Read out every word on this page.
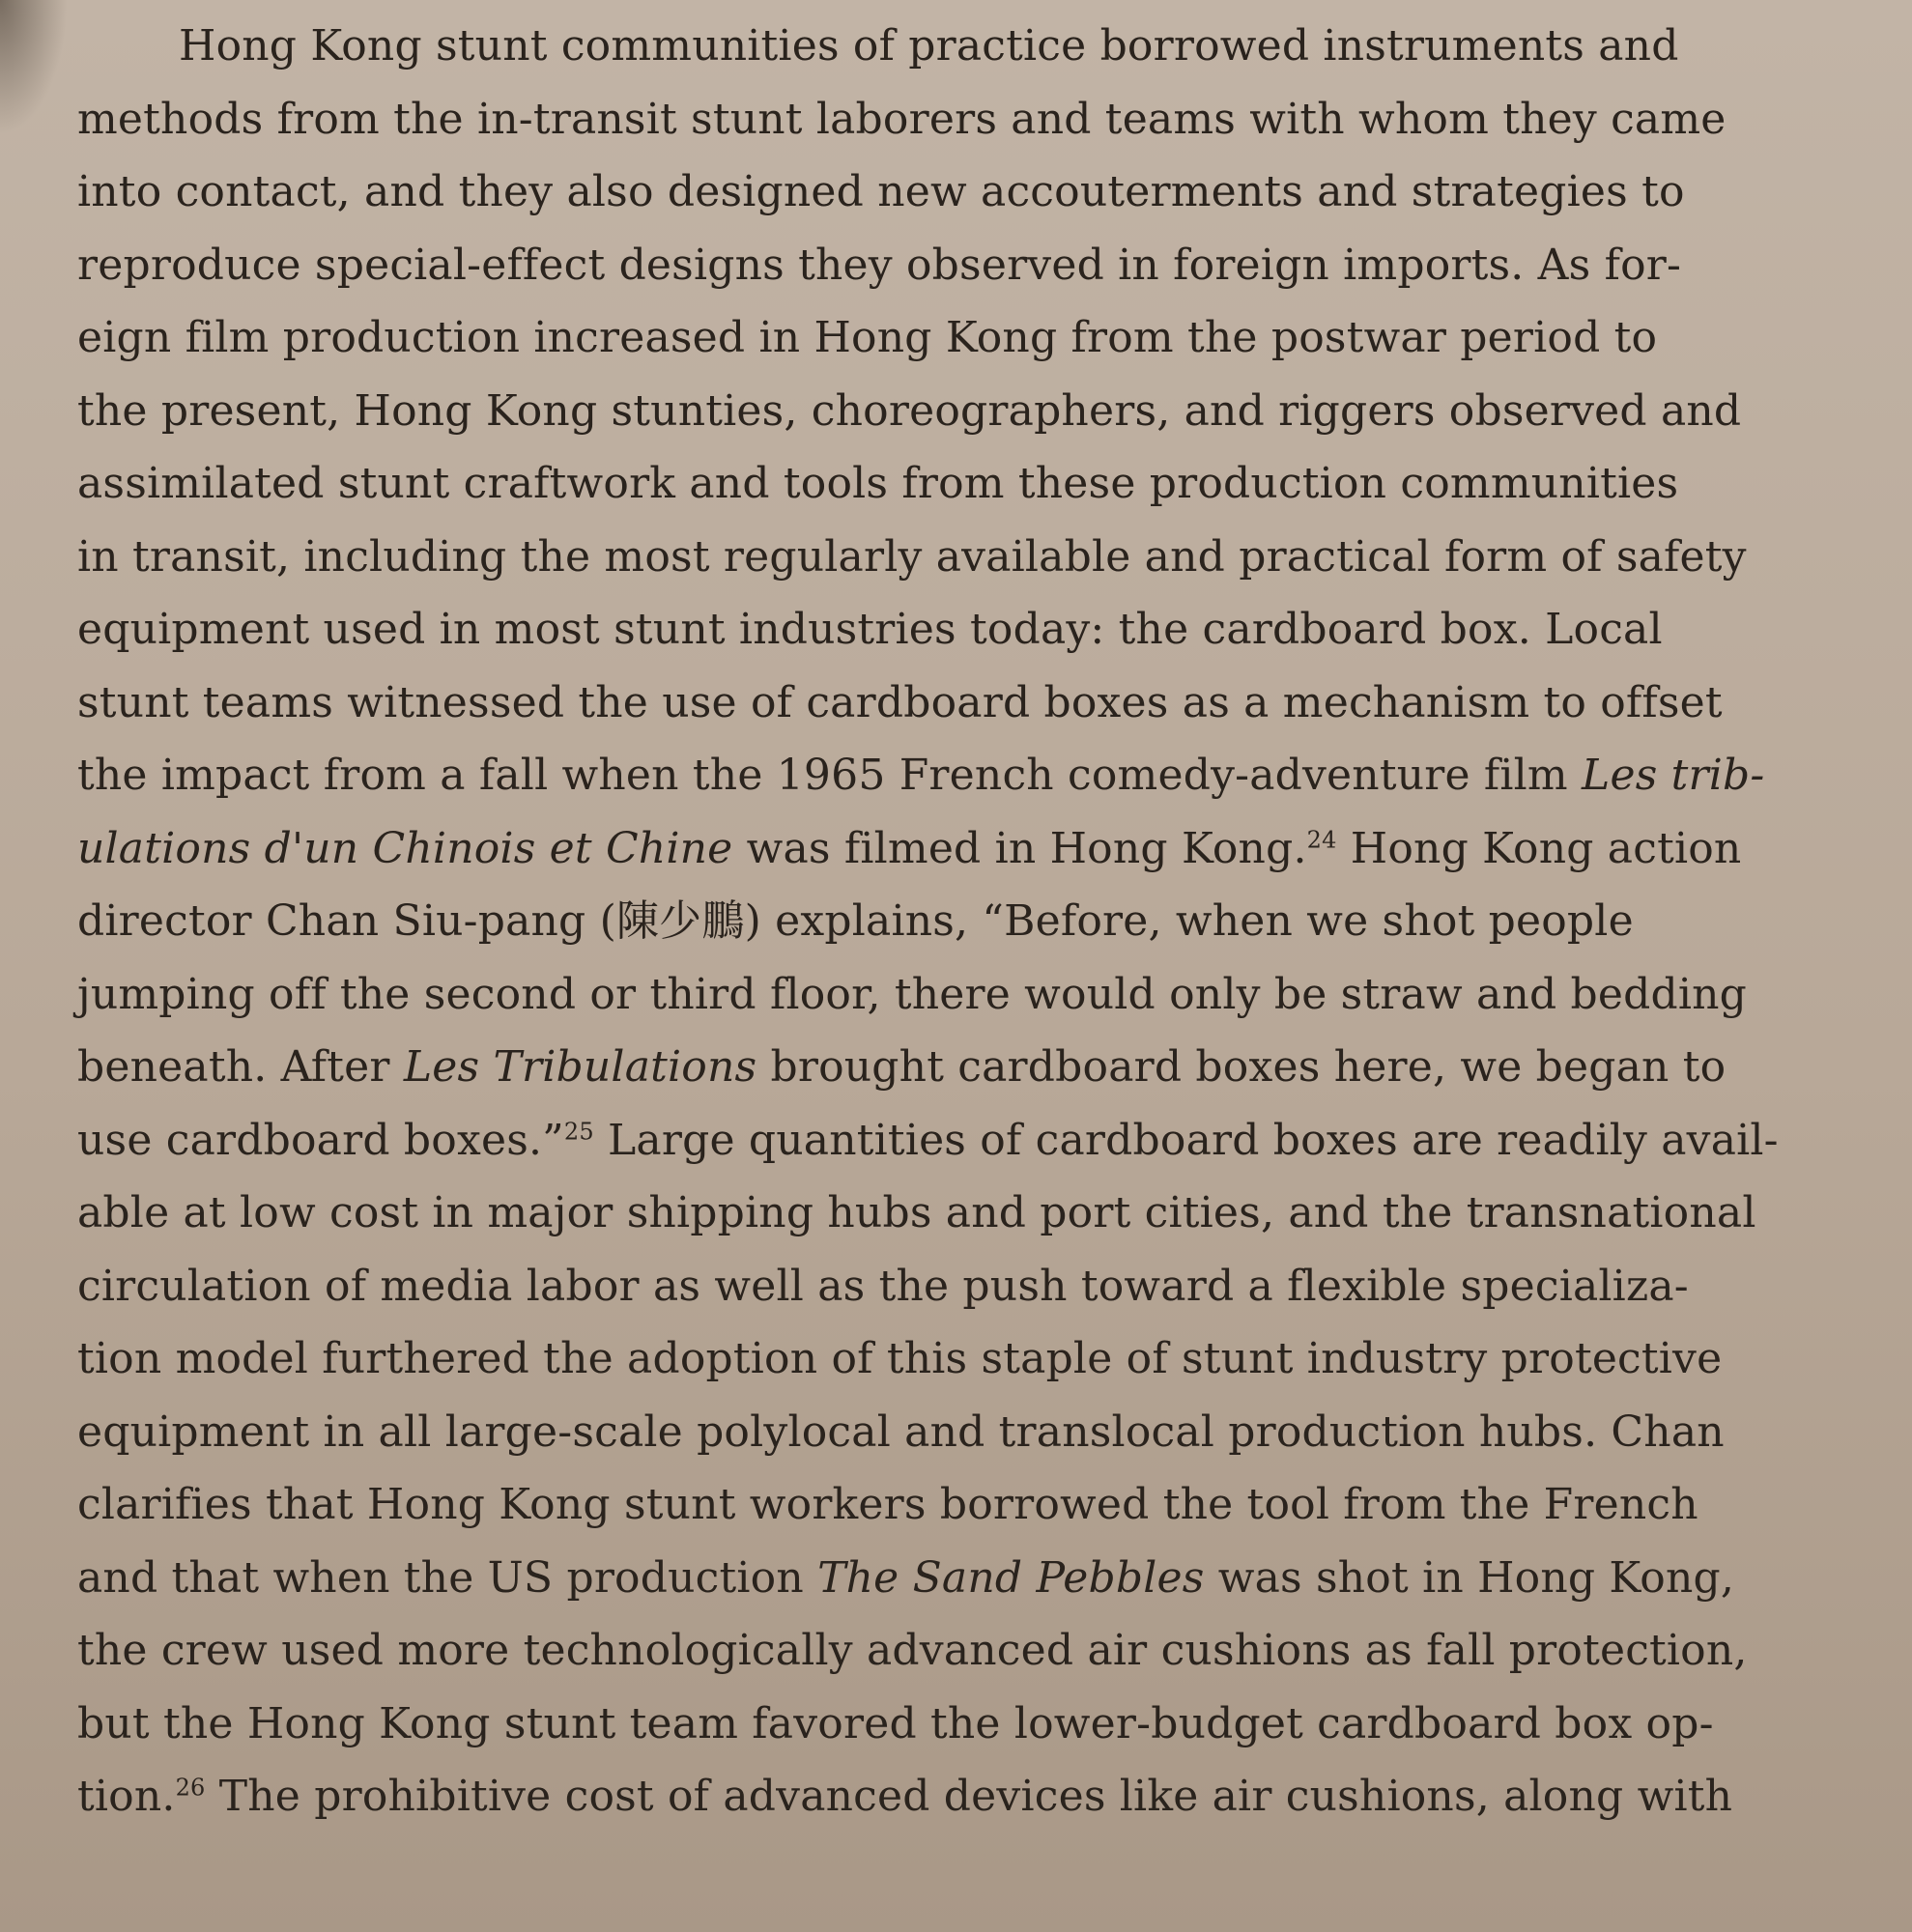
Hong Kong stunt communities of practice borrowed instruments and
methods from the in-transit stunt laborers and teams with whom they came
into contact, and they also designed new accouterments and strategies to
reproduce special-effect designs they observed in foreign imports. As for-
eign film production increased in Hong Kong from the postwar period to
the present, Hong Kong stunties, choreographers, and riggers observed and
assimilated stunt craftwork and tools from these production communities
in transit, including the most regularly available and practical form of safety
equipment used in most stunt industries today: the cardboard box. Local
stunt teams witnessed the use of cardboard boxes as a mechanism to offset
the impact from a fall when the 1965 French comedy-adventure film Les trib-
ulations d'un Chinois et Chine was filmed in Hong Kong.$^{24}$ Hong Kong action
director Chan Siu-pang (陳少鵬) explains, “Before, when we shot people
jumping off the second or third floor, there would only be straw and bedding
beneath. After Les Tribulations brought cardboard boxes here, we began to
use cardboard boxes.”$^{25}$ Large quantities of cardboard boxes are readily avail-
able at low cost in major shipping hubs and port cities, and the transnational
circulation of media labor as well as the push toward a flexible specializa-
tion model furthered the adoption of this staple of stunt industry protective
equipment in all large-scale polylocal and translocal production hubs. Chan
clarifies that Hong Kong stunt workers borrowed the tool from the French
and that when the US production The Sand Pebbles was shot in Hong Kong,
the crew used more technologically advanced air cushions as fall protection,
but the Hong Kong stunt team favored the lower-budget cardboard box op-
tion.$^{26}$ The prohibitive cost of advanced devices like air cushions, along with
